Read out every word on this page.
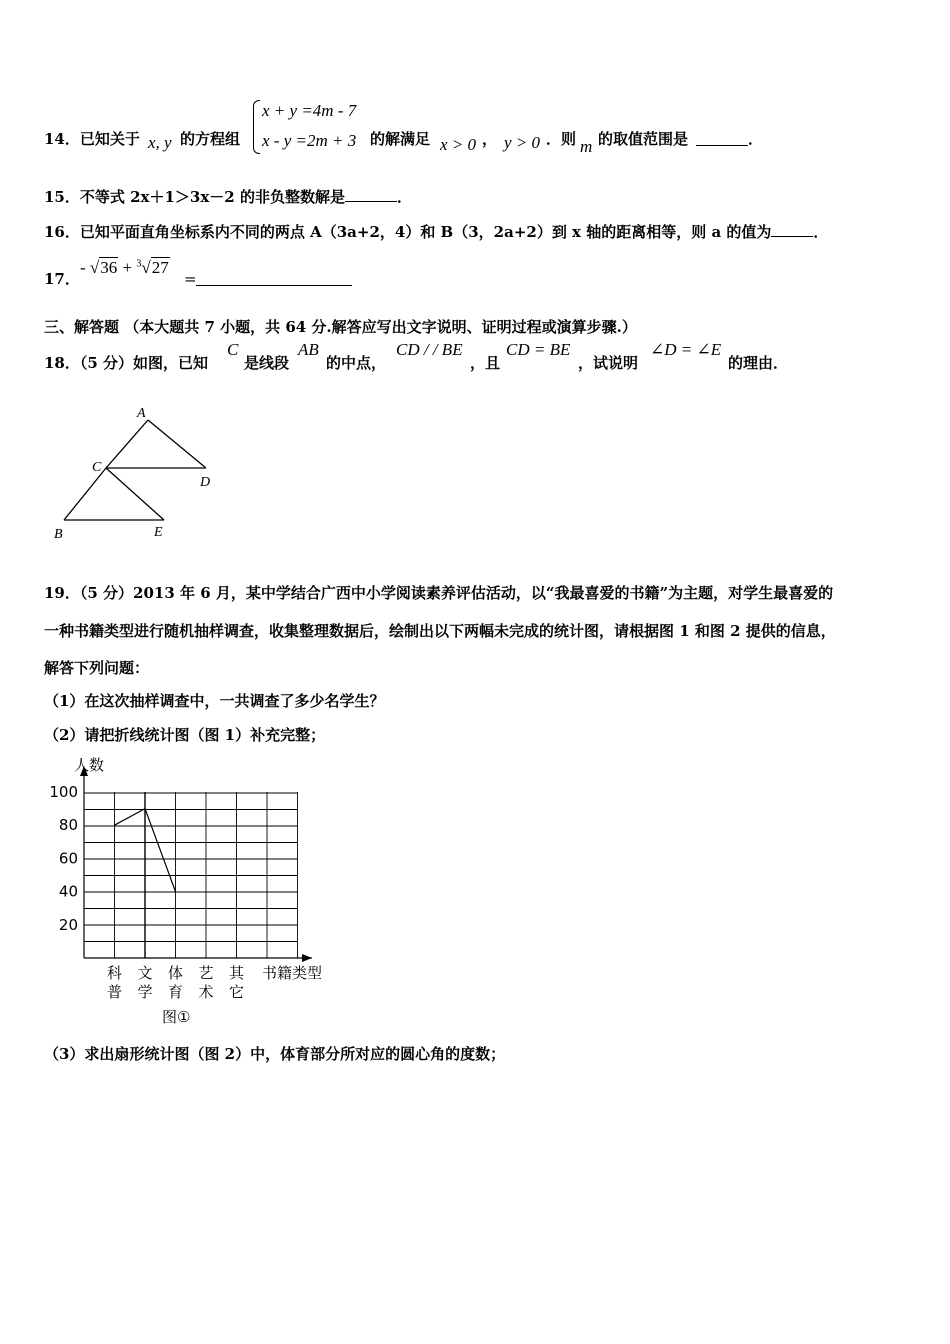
14．已知关于 x, y 的方程组
x + y =4m - 7
x - y =2m + 3 的解满足 x > 0 ， y > 0 ．则 m 的取值范围是	．
15．不等式 2x＋1＞3x－2 的非负整数解是	．
16．已知平面直角坐标系内不同的两点 A（3a+2，4）和 B（3，2a+2）到 x 轴的距离相等，则 a 的值为	．
17．
- √36 + $^3$√27
=
三、解答题 （本大题共 7 小题，共 64 分.解答应写出文字说明、证明过程或演算步骤.）
18．（5 分）如图，已知
C
是线段
AB
的中点，
CD / / BE
，且
CD = BE
，试说明
∠D = ∠E
的理由．
A
C
D
B	E
19．（5 分）2013 年 6 月，某中学结合广西中小学阅读素养评估活动，以“我最喜爱的书籍”为主题，对学生最喜爱的
一种书籍类型进行随机抽样调查，收集整理数据后，绘制出以下两幅未完成的统计图，请根据图 1 和图 2 提供的信息，
解答下列问题：
（1）在这次抽样调查中，一共调查了多少名学生？
（2）请把折线统计图（图 1）补充完整；
20
40
60
80
100
科
普
文
学
体
育
艺
术
其
它
人数
书籍类型
图①
（3）求出扇形统计图（图 2）中，体育部分所对应的圆心角的度数；
